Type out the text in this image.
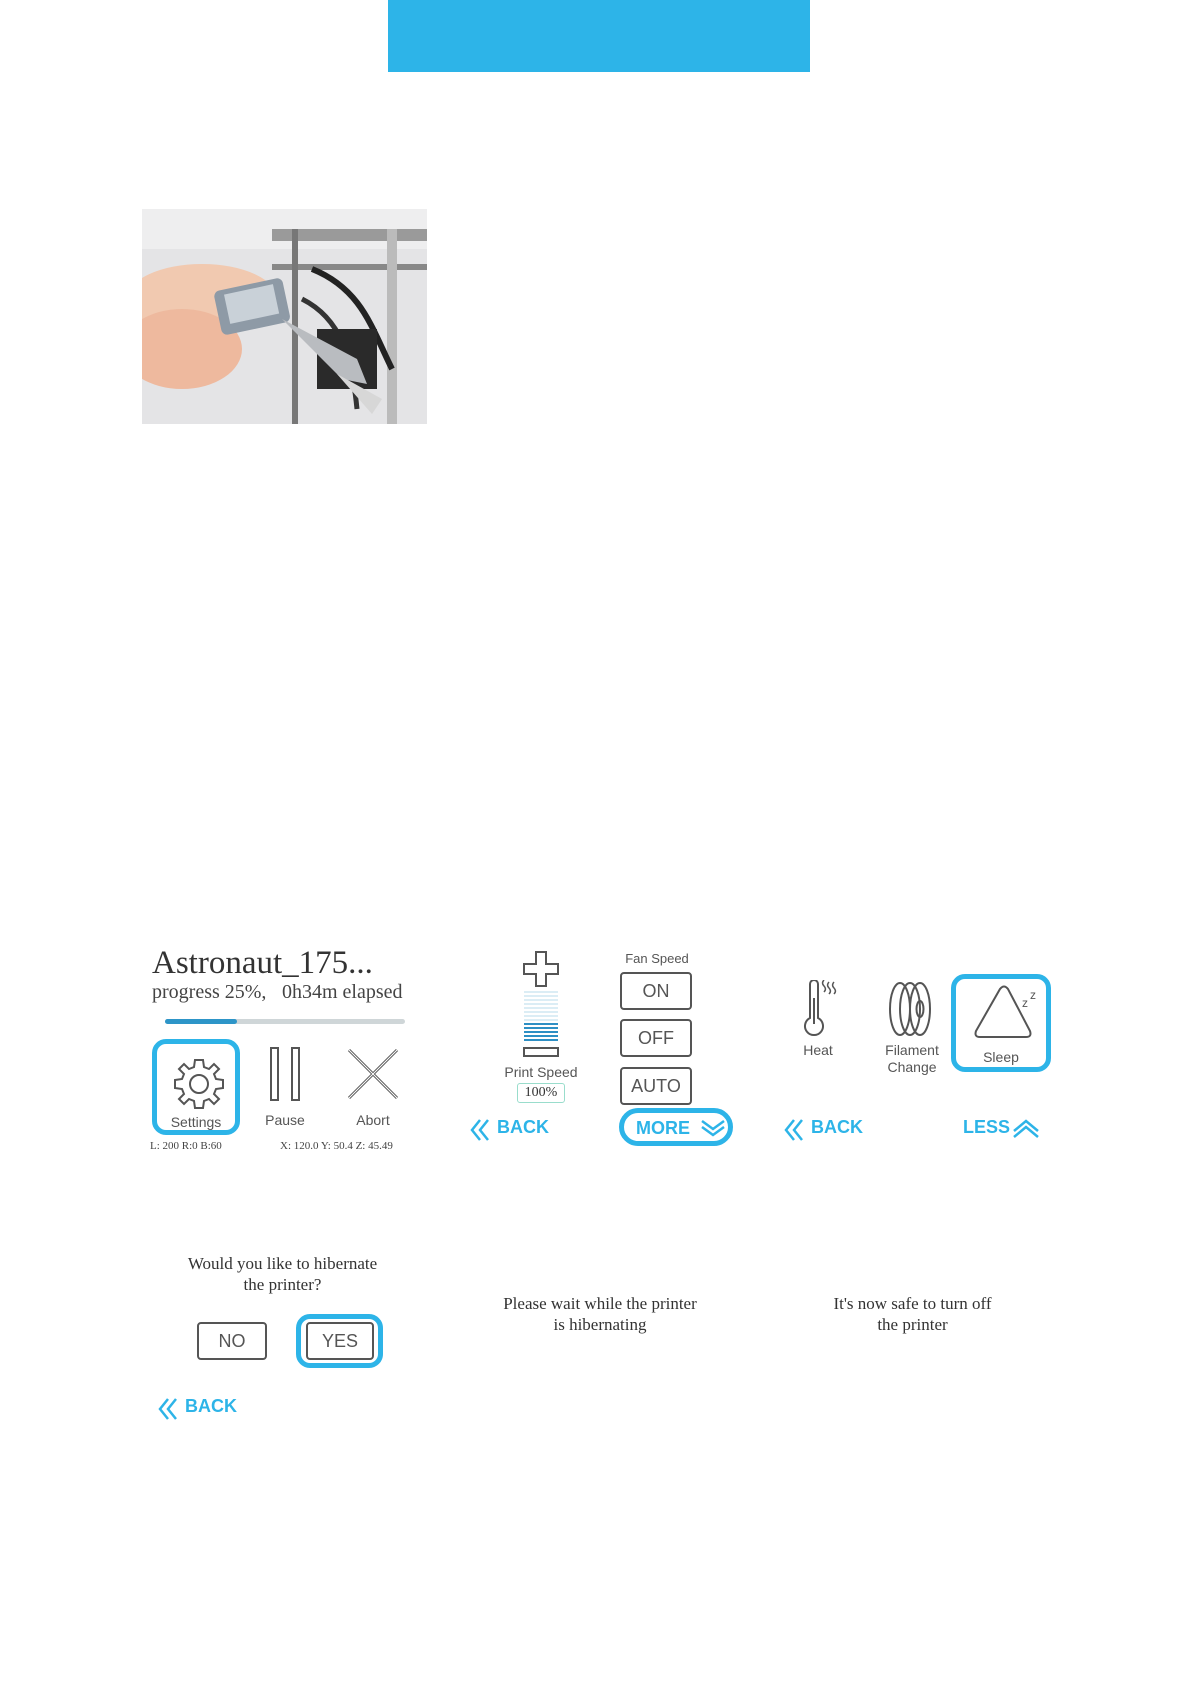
Astronaut_175...
progress 25%, 0h34m elapsed
Settings	Pause	Abort
L: 200 R:0 B:60	X: 120.0 Y: 50.4 Z: 45.49
Print Speed
100%
Fan Speed
ON
OFF
AUTO
BACK	MORE
Heat	Filament
Change
z
z
Sleep
BACK	LESS
Would you like to hibernate
the printer?
NO	YES
BACK
Please wait while the printer
is hibernating
It's now safe to turn off
the printer
